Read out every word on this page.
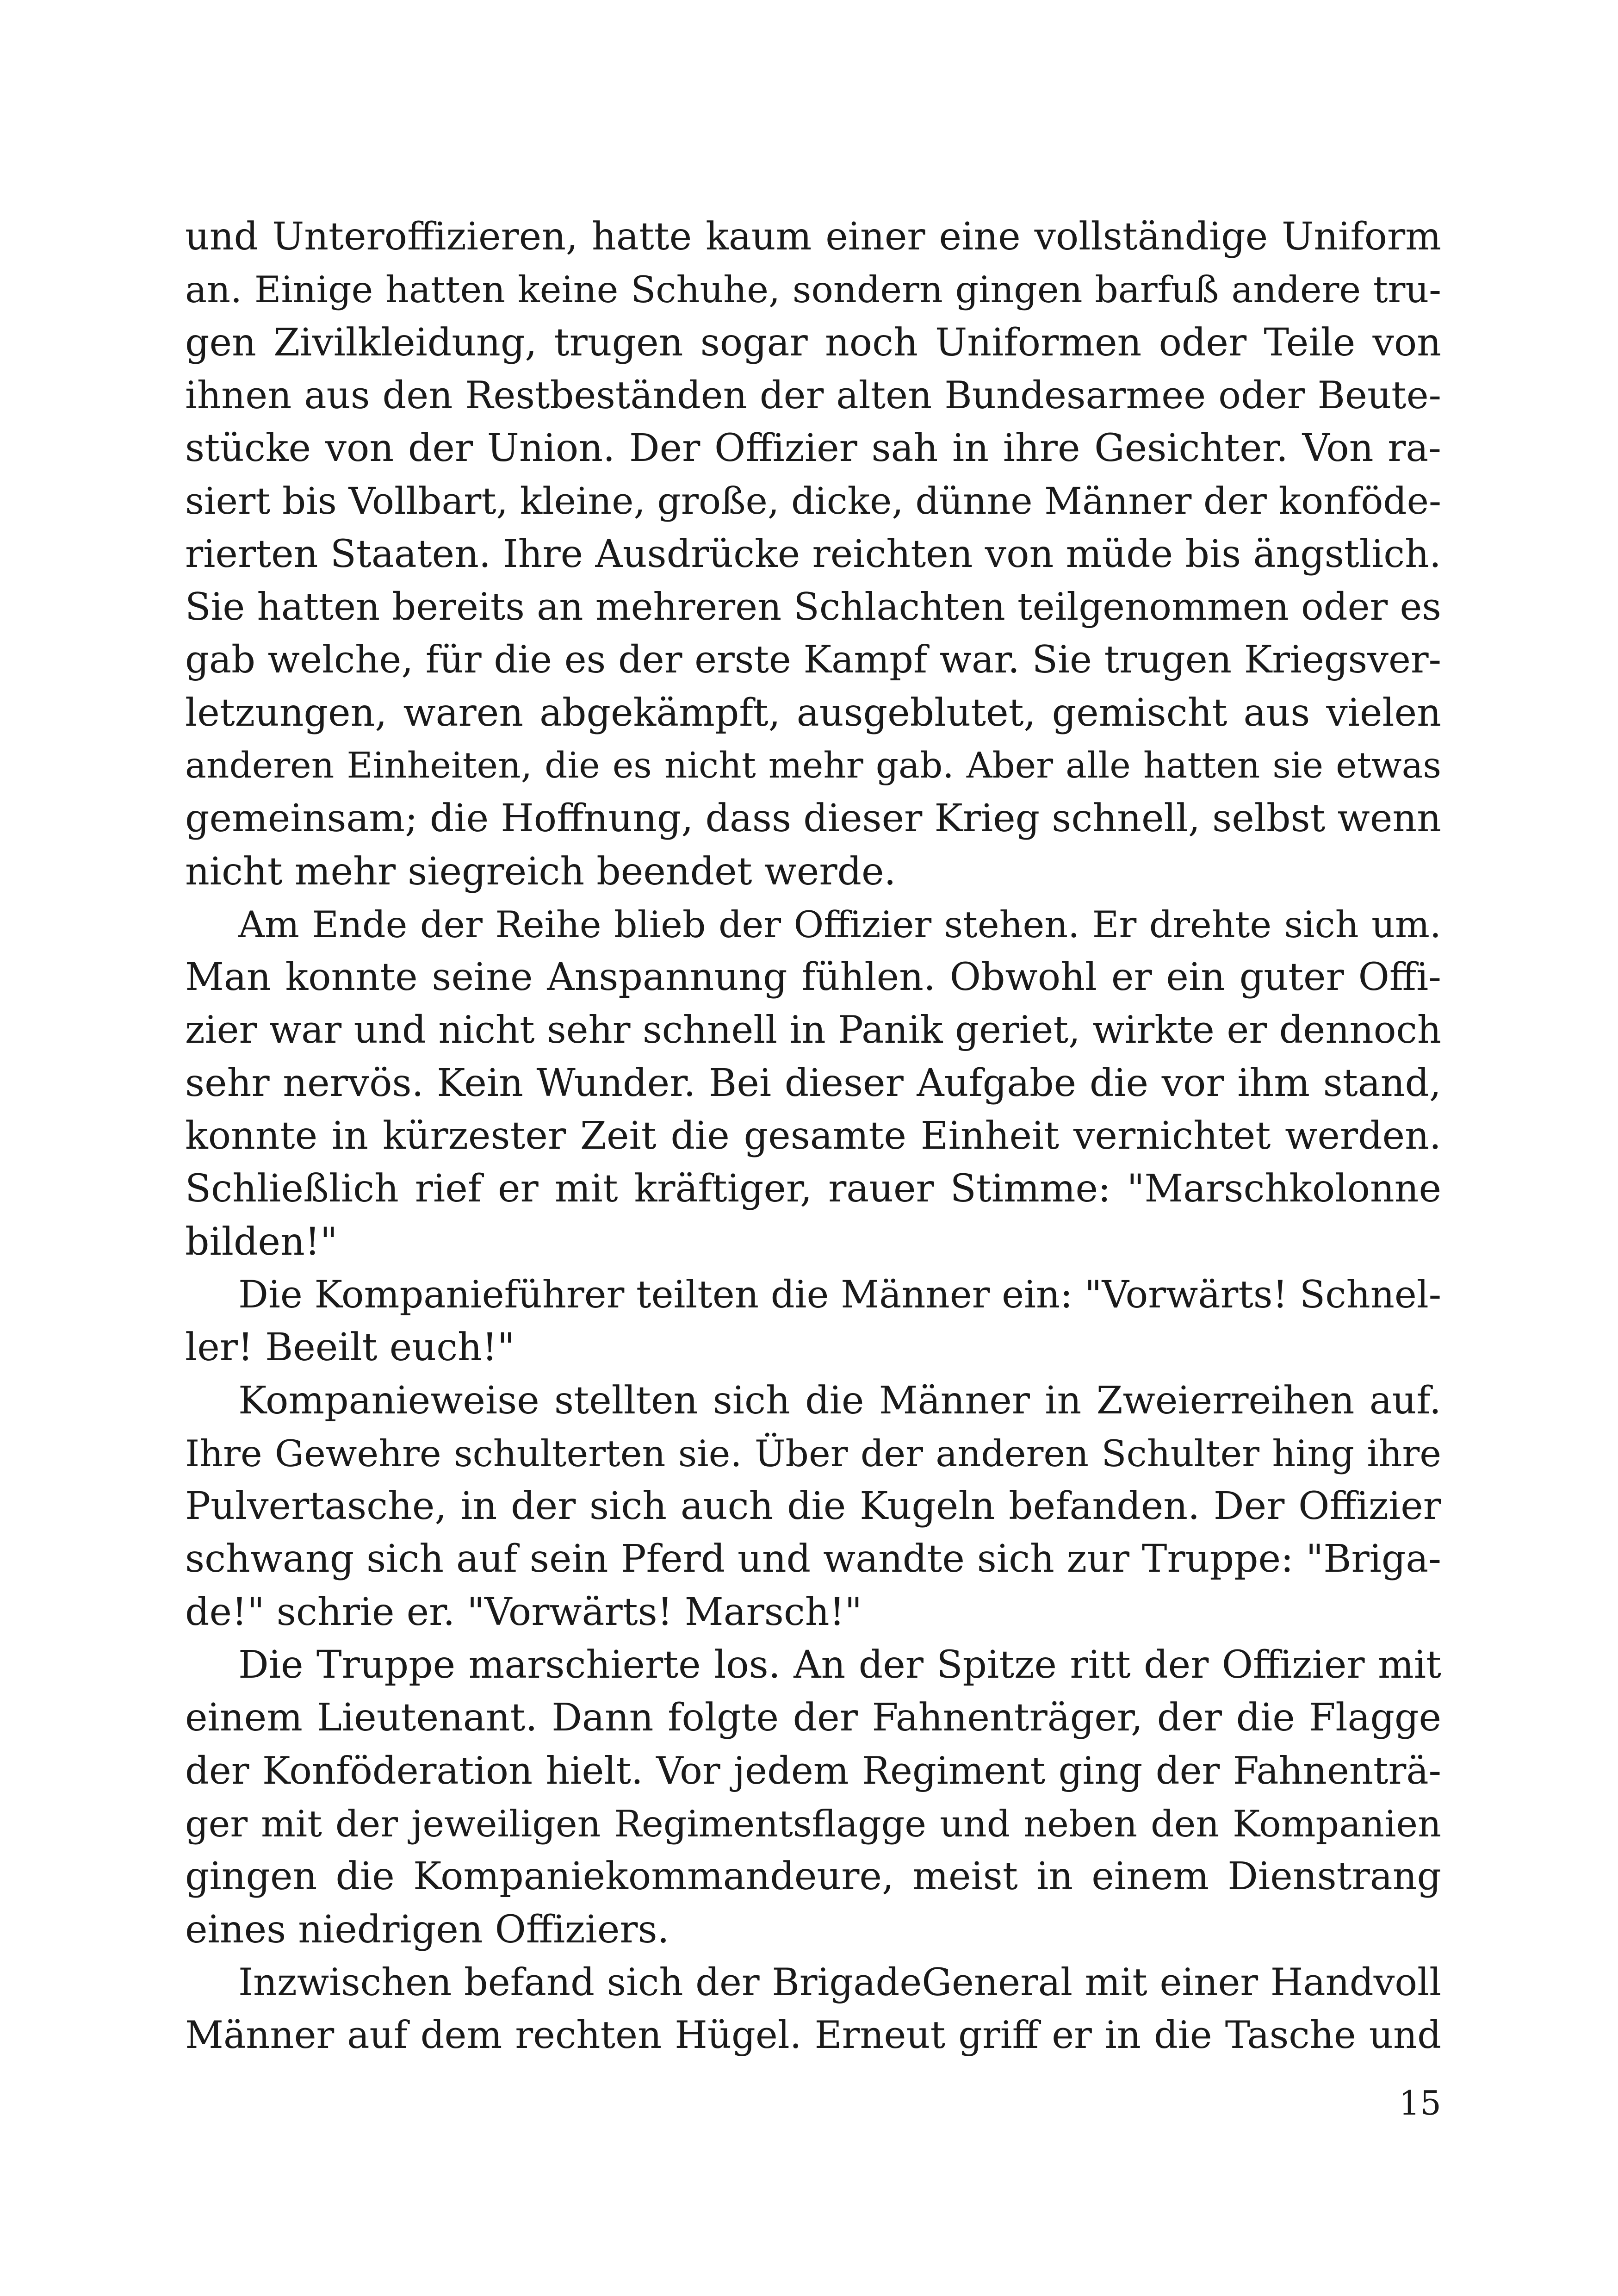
und Unteroffizieren, hatte kaum einer eine vollständige Uniform
an. Einige hatten keine Schuhe, sondern gingen barfuß andere tru-
gen Zivilkleidung, trugen sogar noch Uniformen oder Teile von
ihnen aus den Restbeständen der alten Bundesarmee oder Beute-
stücke von der Union. Der Offizier sah in ihre Gesichter. Von ra-
siert bis Vollbart, kleine, große, dicke, dünne Männer der konföde-
rierten Staaten. Ihre Ausdrücke reichten von müde bis ängstlich.
Sie hatten bereits an mehreren Schlachten teilgenommen oder es
gab welche, für die es der erste Kampf war. Sie trugen Kriegsver-
letzungen, waren abgekämpft, ausgeblutet, gemischt aus vielen
anderen Einheiten, die es nicht mehr gab. Aber alle hatten sie etwas
gemeinsam; die Hoffnung, dass dieser Krieg schnell, selbst wenn
nicht mehr siegreich beendet werde.
Am Ende der Reihe blieb der Offizier stehen. Er drehte sich um.
Man konnte seine Anspannung fühlen. Obwohl er ein guter Offi-
zier war und nicht sehr schnell in Panik geriet, wirkte er dennoch
sehr nervös. Kein Wunder. Bei dieser Aufgabe die vor ihm stand,
konnte in kürzester Zeit die gesamte Einheit vernichtet werden.
Schließlich rief er mit kräftiger, rauer Stimme: "Marschkolonne
bilden!"
Die Kompanieführer teilten die Männer ein: "Vorwärts! Schnel-
ler! Beeilt euch!"
Kompanieweise stellten sich die Männer in Zweierreihen auf.
Ihre Gewehre schulterten sie. Über der anderen Schulter hing ihre
Pulvertasche, in der sich auch die Kugeln befanden. Der Offizier
schwang sich auf sein Pferd und wandte sich zur Truppe: "Briga-
de!" schrie er. "Vorwärts! Marsch!"
Die Truppe marschierte los. An der Spitze ritt der Offizier mit
einem Lieutenant. Dann folgte der Fahnenträger, der die Flagge
der Konföderation hielt. Vor jedem Regiment ging der Fahnenträ-
ger mit der jeweiligen Regimentsflagge und neben den Kompanien
gingen die Kompaniekommandeure, meist in einem Dienstrang
eines niedrigen Offiziers.
Inzwischen befand sich der BrigadeGeneral mit einer Handvoll
Männer auf dem rechten Hügel. Erneut griff er in die Tasche und
15
